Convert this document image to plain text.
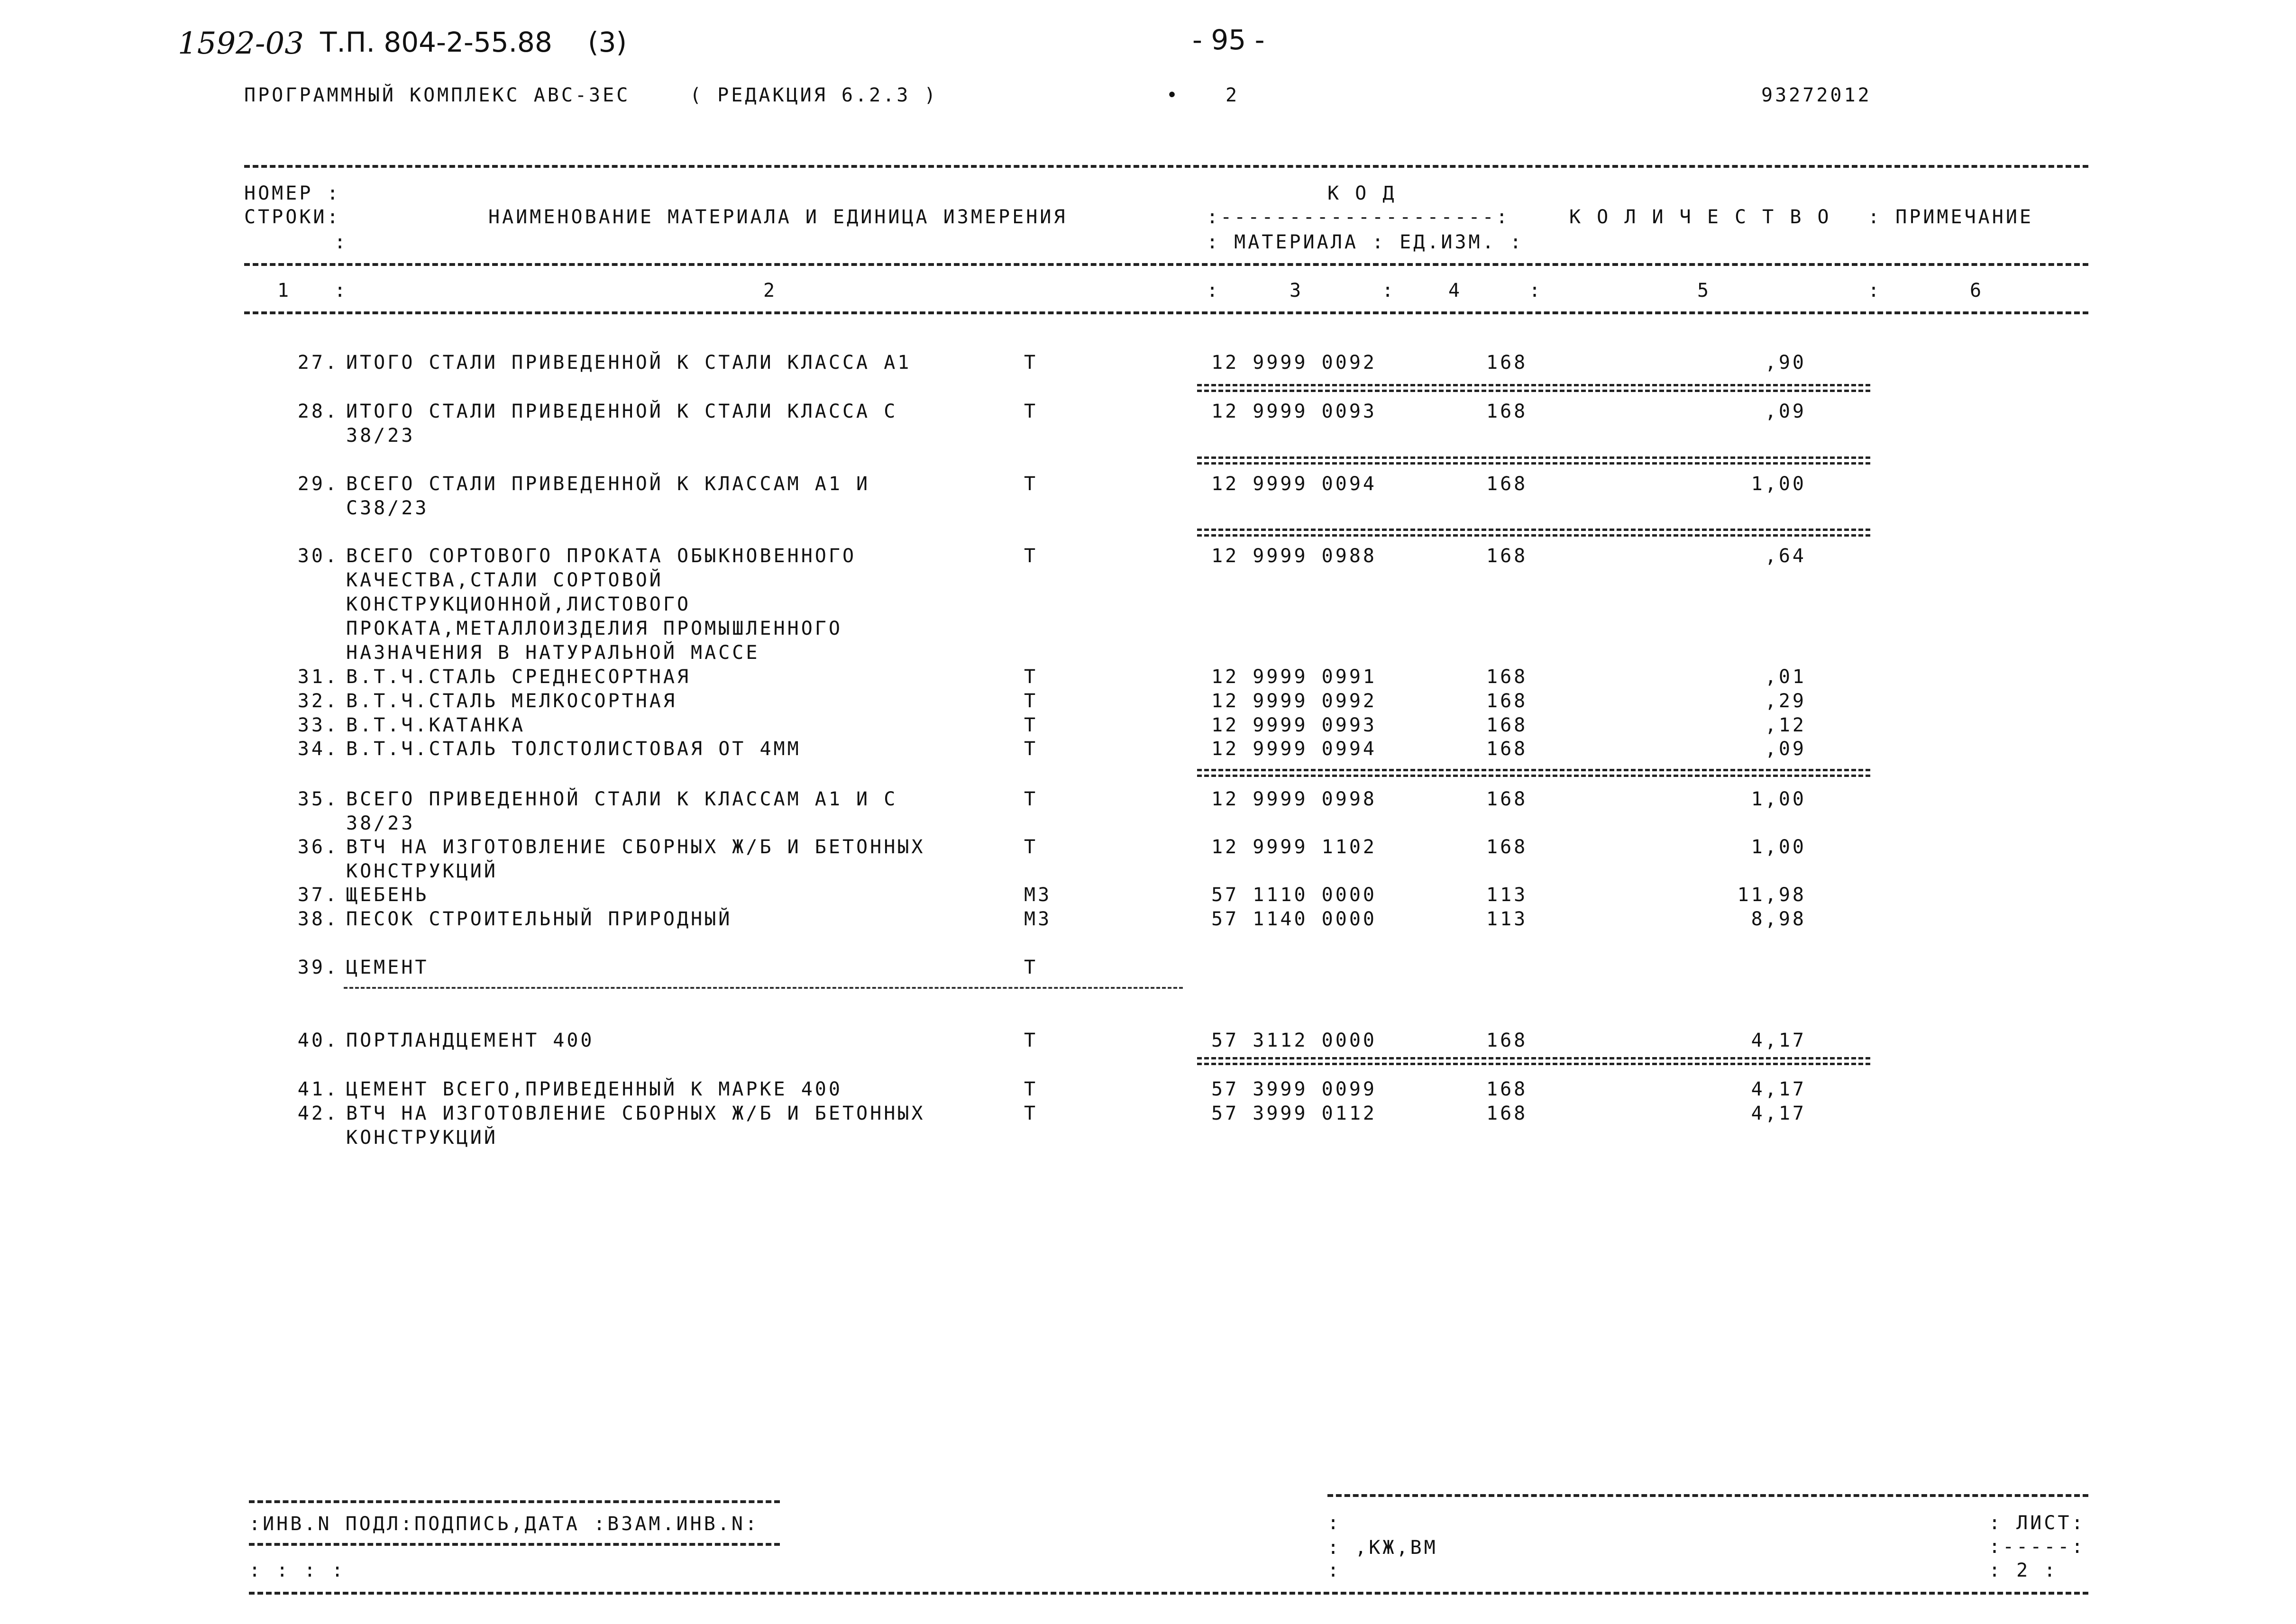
1592-03 Т.П. 804-2-55.88 (3)	- 95 -
ПРОГРАММНЫЙ КОМПЛЕКС АВС-3ЕС	( РЕДАКЦИЯ 6.2.3 )	• 2	93272012
НОМЕР :
СТРОКИ:
:
НАИМЕНОВАНИЕ МАТЕРИАЛА И ЕДИНИЦА ИЗМЕРЕНИЯ
К О Д
:--------------------:
: МАТЕРИАЛА : ЕД.ИЗМ. :
К О Л И Ч Е С Т В О : ПРИМЕЧАНИЕ
1 :	2	:	3	:	4	:	5	:	6
27. ИТОГО СТАЛИ ПРИВЕДЕННОЙ К СТАЛИ КЛАССА А1	Т	12 9999 0092	168	,90
28. ИТОГО СТАЛИ ПРИВЕДЕННОЙ К СТАЛИ КЛАССА С
38/23
Т	12 9999 0093	168	,09
29. ВСЕГО СТАЛИ ПРИВЕДЕННОЙ К КЛАССАМ А1 И
С38/23
Т	12 9999 0094	168	1,00
30. ВСЕГО СОРТОВОГО ПРОКАТА ОБЫКНОВЕННОГО
КАЧЕСТВА,СТАЛИ СОРТОВОЙ
КОНСТРУКЦИОННОЙ,ЛИСТОВОГО
ПРОКАТА,МЕТАЛЛОИЗДЕЛИЯ ПРОМЫШЛЕННОГО
НАЗНАЧЕНИЯ В НАТУРАЛЬНОЙ МАССЕ
Т	12 9999 0988	168	,64
31. В.Т.Ч.СТАЛЬ СРЕДНЕСОРТНАЯ	Т	12 9999 0991	168	,01
32. В.Т.Ч.СТАЛЬ МЕЛКОСОРТНАЯ	Т	12 9999 0992	168	,29
33. В.Т.Ч.КАТАНКА	Т	12 9999 0993	168	,12
34. В.Т.Ч.СТАЛЬ ТОЛСТОЛИСТОВАЯ ОТ 4ММ	Т	12 9999 0994	168	,09
35. ВСЕГО ПРИВЕДЕННОЙ СТАЛИ К КЛАССАМ А1 И С
38/23
Т	12 9999 0998	168	1,00
36. ВТЧ НА ИЗГОТОВЛЕНИЕ СБОРНЫХ Ж/Б И БЕТОННЫХ
КОНСТРУКЦИЙ
Т	12 9999 1102	168	1,00
37. ЩЕБЕНЬ	М3	57 1110 0000	113	11,98
38. ПЕСОК СТРОИТЕЛЬНЫЙ ПРИРОДНЫЙ	М3	57 1140 0000	113	8,98
39. ЦЕМЕНТ	Т
40. ПОРТЛАНДЦЕМЕНТ 400	Т	57 3112 0000	168	4,17
41. ЦЕМЕНТ ВСЕГО,ПРИВЕДЕННЫЙ К МАРКЕ 400	Т	57 3999 0099	168	4,17
42. ВТЧ НА ИЗГОТОВЛЕНИЕ СБОРНЫХ Ж/Б И БЕТОННЫХ
КОНСТРУКЦИЙ
Т	57 3999 0112	168	4,17
:ИНВ.N ПОДЛ:ПОДПИСЬ,ДАТА :ВЗАМ.ИНВ.N:
: : : :
:
: ,КЖ,ВМ
:
: ЛИСТ:
:-----:
: 2 :
